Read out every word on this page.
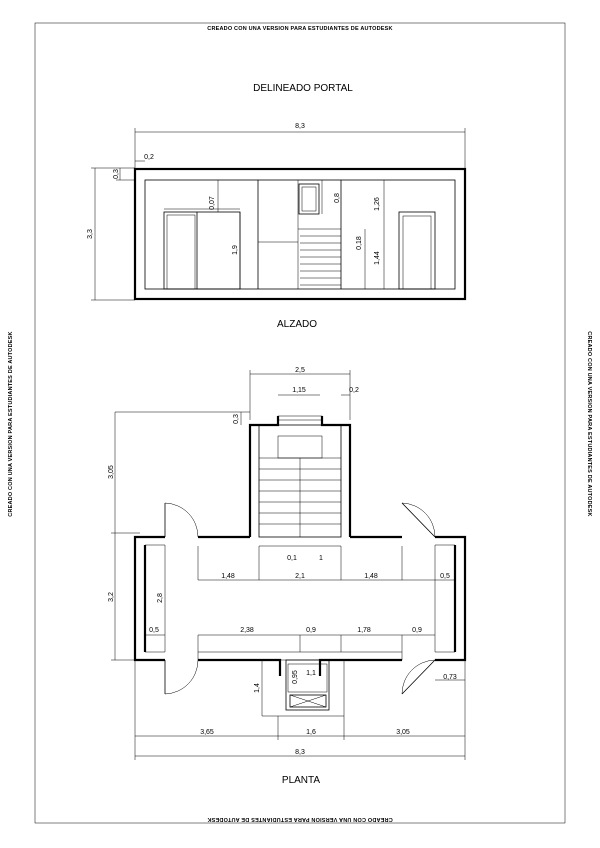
CREADO CON UNA VERSION PARA ESTUDIANTES DE AUTODESK
CREADO CON UNA VERSION PARA ESTUDIANTES DE AUTODESK
CREADO CON UNA VERSION PARA ESTUDIANTES DE AUTODESK	CREADO CON UNA VERSION PARA ESTUDIANTES DE AUTODESK
DELINEADO PORTAL
ALZADO
PLANTA
8,3
0,2
0,3
3,3
0,07
1,9
0,8	1,26
0,18
1,44
2,5
1,15	0,2
0,3
3,05
3,2	2,8
0,1	1
1,48	2,1	1,48	0,5
0,5	2,38	0,9	1,78	0,9
0,95 1,1
1,4
0,73
3,65	1,6	3,05
8,3
